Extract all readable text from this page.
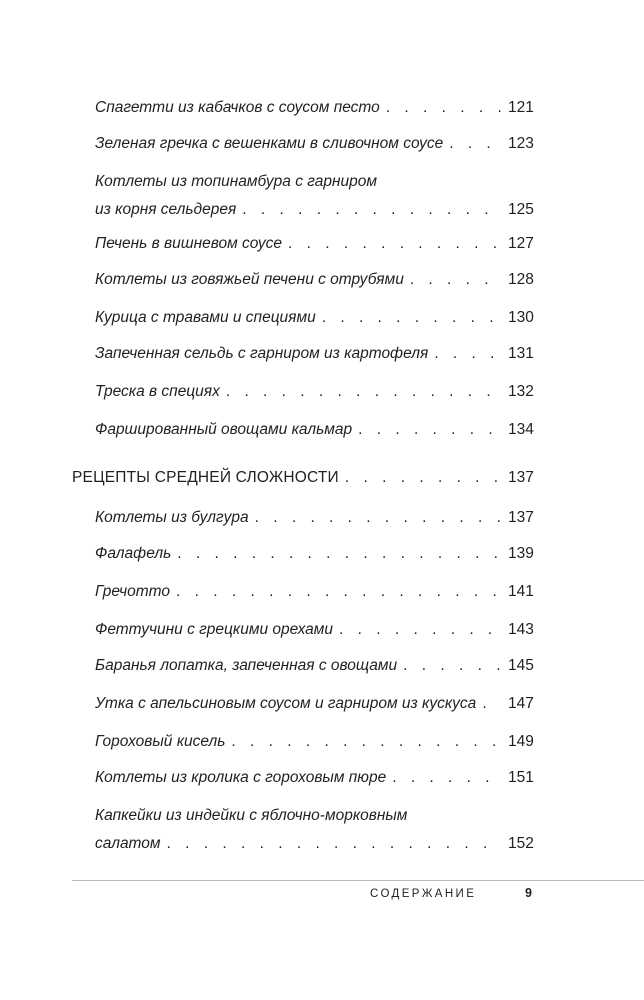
Спагетти из кабачков с соусом песто . . .	121
Зеленая гречка с вешенками в сливочном соусе . . .	123
Котлеты из топинамбура с гарниром
из корня сельдерея . . .	125
Печень в вишневом соусе . . .	127
Котлеты из говяжьей печени с отрубями . . .	128
Курица с травами и специями . . .	130
Запеченная сельдь с гарниром из картофеля . . .	131
Треска в специях . . .	132
Фаршированный овощами кальмар . . .	134
РЕЦЕПТЫ СРЕДНЕЙ СЛОЖНОСТИ . . .	137
Котлеты из булгура . . .	137
Фалафель . . .	139
Гречотто . . .	141
Феттучини с грецкими орехами . . .	143
Баранья лопатка, запеченная с овощами . . .	145
Утка с апельсиновым соусом и гарниром из кускуса . . . 147
Гороховый кисель . . .	149
Котлеты из кролика с гороховым пюре . . .	151
Капкейки из индейки с яблочно-морковным
салатом . . .	152
СОДЕРЖАНИЕ	9
